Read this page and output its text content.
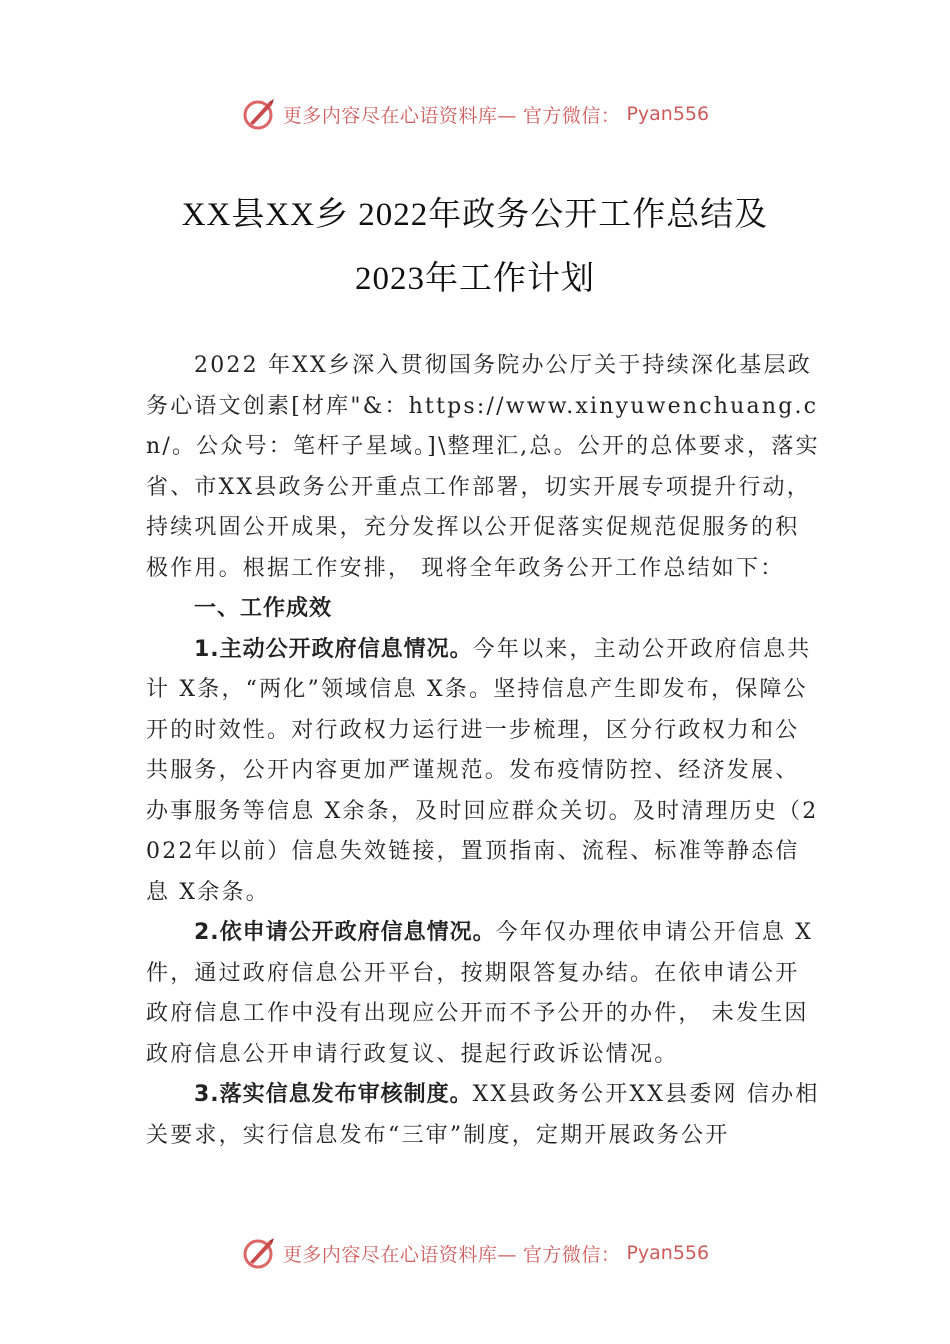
更多内容尽在心语资料库— 官方微信： Pyan556
XX县XX乡 2022年政务公开工作总结及
2023年工作计划

2022 年XX乡深入贯彻国务院办公厅关于持续深化基层政务心语文创素[材库"&：https://www.xinyuwenchuang.cn/。公众号：笔杆子星域。]\整理汇,总。公开的总体要求，落实省、市XX县政务公开重点工作部署，切实开展专项提升行动，持续巩固公开成果，充分发挥以公开促落实促规范促服务的积极作用。根据工作安排， 现将全年政务公开工作总结如下：

一、工作成效

1.主动公开政府信息情况。今年以来，主动公开政府信息共计 X条，“两化”领域信息 X条。坚持信息产生即发布，保障公开的时效性。对行政权力运行进一步梳理，区分行政权力和公共服务，公开内容更加严谨规范。发布疫情防控、经济发展、办事服务等信息 X余条，及时回应群众关切。及时清理历史（2022年以前）信息失效链接，置顶指南、流程、标准等静态信息 X余条。

2.依申请公开政府信息情况。今年仅办理依申请公开信息 X件，通过政府信息公开平台，按期限答复办结。在依申请公开政府信息工作中没有出现应公开而不予公开的办件， 未发生因政府信息公开申请行政复议、提起行政诉讼情况。

3.落实信息发布审核制度。XX县政务公开XX县委网 信办相关要求，实行信息发布“三审”制度，定期开展政务公开

更多内容尽在心语资料库— 官方微信： Pyan556
